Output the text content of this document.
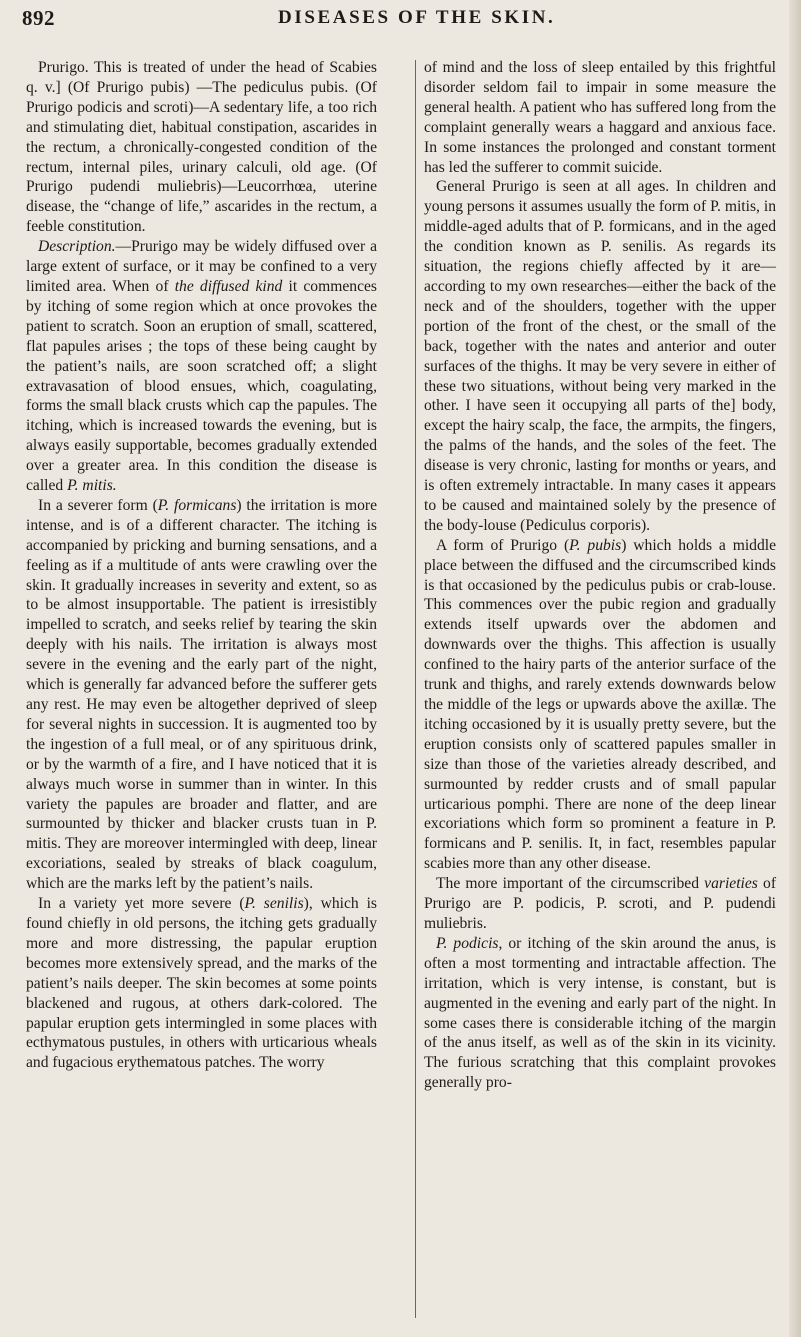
892	DISEASES OF THE SKIN.

Prurigo. This is treated of under the head of Scabies q. v.] (Of Prurigo pubis) —The pediculus pubis. (Of Prurigo podicis and scroti)—A sedentary life, a too rich and stimulating diet, habitual constipation, ascarides in the rectum, a chronically-congested condition of the rectum, internal piles, urinary calculi, old age. (Of Prurigo pudendi muliebris)—Leucorrhœa, uterine disease, the “change of life,” ascarides in the rectum, a feeble constitution.

Description.—Prurigo may be widely diffused over a large extent of surface, or it may be confined to a very limited area. When of the diffused kind it commences by itching of some region which at once provokes the patient to scratch. Soon an eruption of small, scattered, flat papules arises ; the tops of these being caught by the patient’s nails, are soon scratched off; a slight extravasation of blood ensues, which, coagulating, forms the small black crusts which cap the papules. The itching, which is increased towards the evening, but is always easily supportable, becomes gradually extended over a greater area. In this condition the disease is called P. mitis.

In a severer form (P. formicans) the irritation is more intense, and is of a different character. The itching is accompanied by pricking and burning sensations, and a feeling as if a multitude of ants were crawling over the skin. It gradually increases in severity and extent, so as to be almost insupportable. The patient is irresistibly impelled to scratch, and seeks relief by tearing the skin deeply with his nails. The irritation is always most severe in the evening and the early part of the night, which is generally far advanced before the sufferer gets any rest. He may even be altogether deprived of sleep for several nights in succession. It is augmented too by the ingestion of a full meal, or of any spirituous drink, or by the warmth of a fire, and I have noticed that it is always much worse in summer than in winter. In this variety the papules are broader and flatter, and are surmounted by thicker and blacker crusts tuan in P. mitis. They are moreover intermingled with deep, linear excoriations, sealed by streaks of black coagulum, which are the marks left by the patient’s nails.

In a variety yet more severe (P. senilis), which is found chiefly in old persons, the itching gets gradually more and more distressing, the papular eruption becomes more extensively spread, and the marks of the patient’s nails deeper. The skin becomes at some points blackened and rugous, at others dark-colored. The papular eruption gets intermingled in some places with ecthymatous pustules, in others with urticarious wheals and fugacious erythematous patches. The worry

of mind and the loss of sleep entailed by this frightful disorder seldom fail to impair in some measure the general health. A patient who has suffered long from the complaint generally wears a haggard and anxious face. In some instances the prolonged and constant torment has led the sufferer to commit suicide.

General Prurigo is seen at all ages. In children and young persons it assumes usually the form of P. mitis, in middle-aged adults that of P. formicans, and in the aged the condition known as P. senilis. As regards its situation, the regions chiefly affected by it are—according to my own researches—either the back of the neck and of the shoulders, together with the upper portion of the front of the chest, or the small of the back, together with the nates and anterior and outer surfaces of the thighs. It may be very severe in either of these two situations, without being very marked in the other. I have seen it occupying all parts of the] body, except the hairy scalp, the face, the armpits, the fingers, the palms of the hands, and the soles of the feet. The disease is very chronic, lasting for months or years, and is often extremely intractable. In many cases it appears to be caused and maintained solely by the presence of the body-louse (Pediculus corporis).

A form of Prurigo (P. pubis) which holds a middle place between the diffused and the circumscribed kinds is that occasioned by the pediculus pubis or crab-louse. This commences over the pubic region and gradually extends itself upwards over the abdomen and downwards over the thighs. This affection is usually confined to the hairy parts of the anterior surface of the trunk and thighs, and rarely extends downwards below the middle of the legs or upwards above the axillæ. The itching occasioned by it is usually pretty severe, but the eruption consists only of scattered papules smaller in size than those of the varieties already described, and surmounted by redder crusts and of small papular urticarious pomphi. There are none of the deep linear excoriations which form so prominent a feature in P. formicans and P. senilis. It, in fact, resembles papular scabies more than any other disease.

The more important of the circumscribed varieties of Prurigo are P. podicis, P. scroti, and P. pudendi muliebris.

P. podicis, or itching of the skin around the anus, is often a most tormenting and intractable affection. The irritation, which is very intense, is constant, but is augmented in the evening and early part of the night. In some cases there is considerable itching of the margin of the anus itself, as well as of the skin in its vicinity. The furious scratching that this complaint provokes generally pro-
